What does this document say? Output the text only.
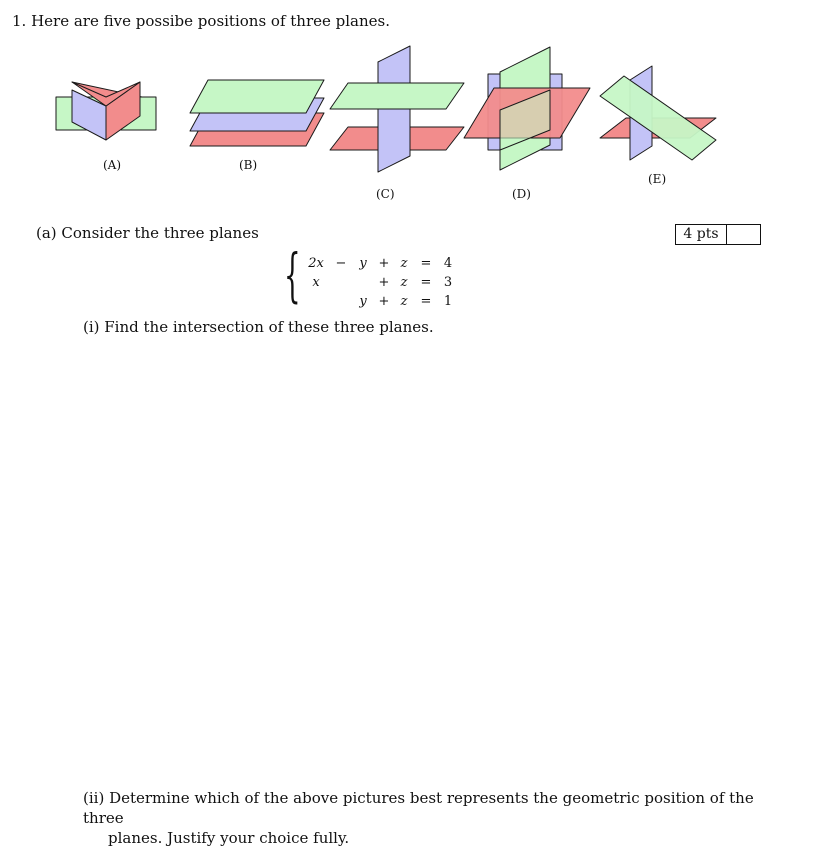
1. Here are five possibe positions of three planes.
(A)	(B)
(C)	(D)
(E)
(a) Consider the three planes	4 pts
{ 2x − y + z	= 4
x	+ z	= 3
y + z	= 1
(i) Find the intersection of these three planes.
(ii) Determine which of the above pictures best represents the geometric position of the three
planes. Justify your choice fully.
